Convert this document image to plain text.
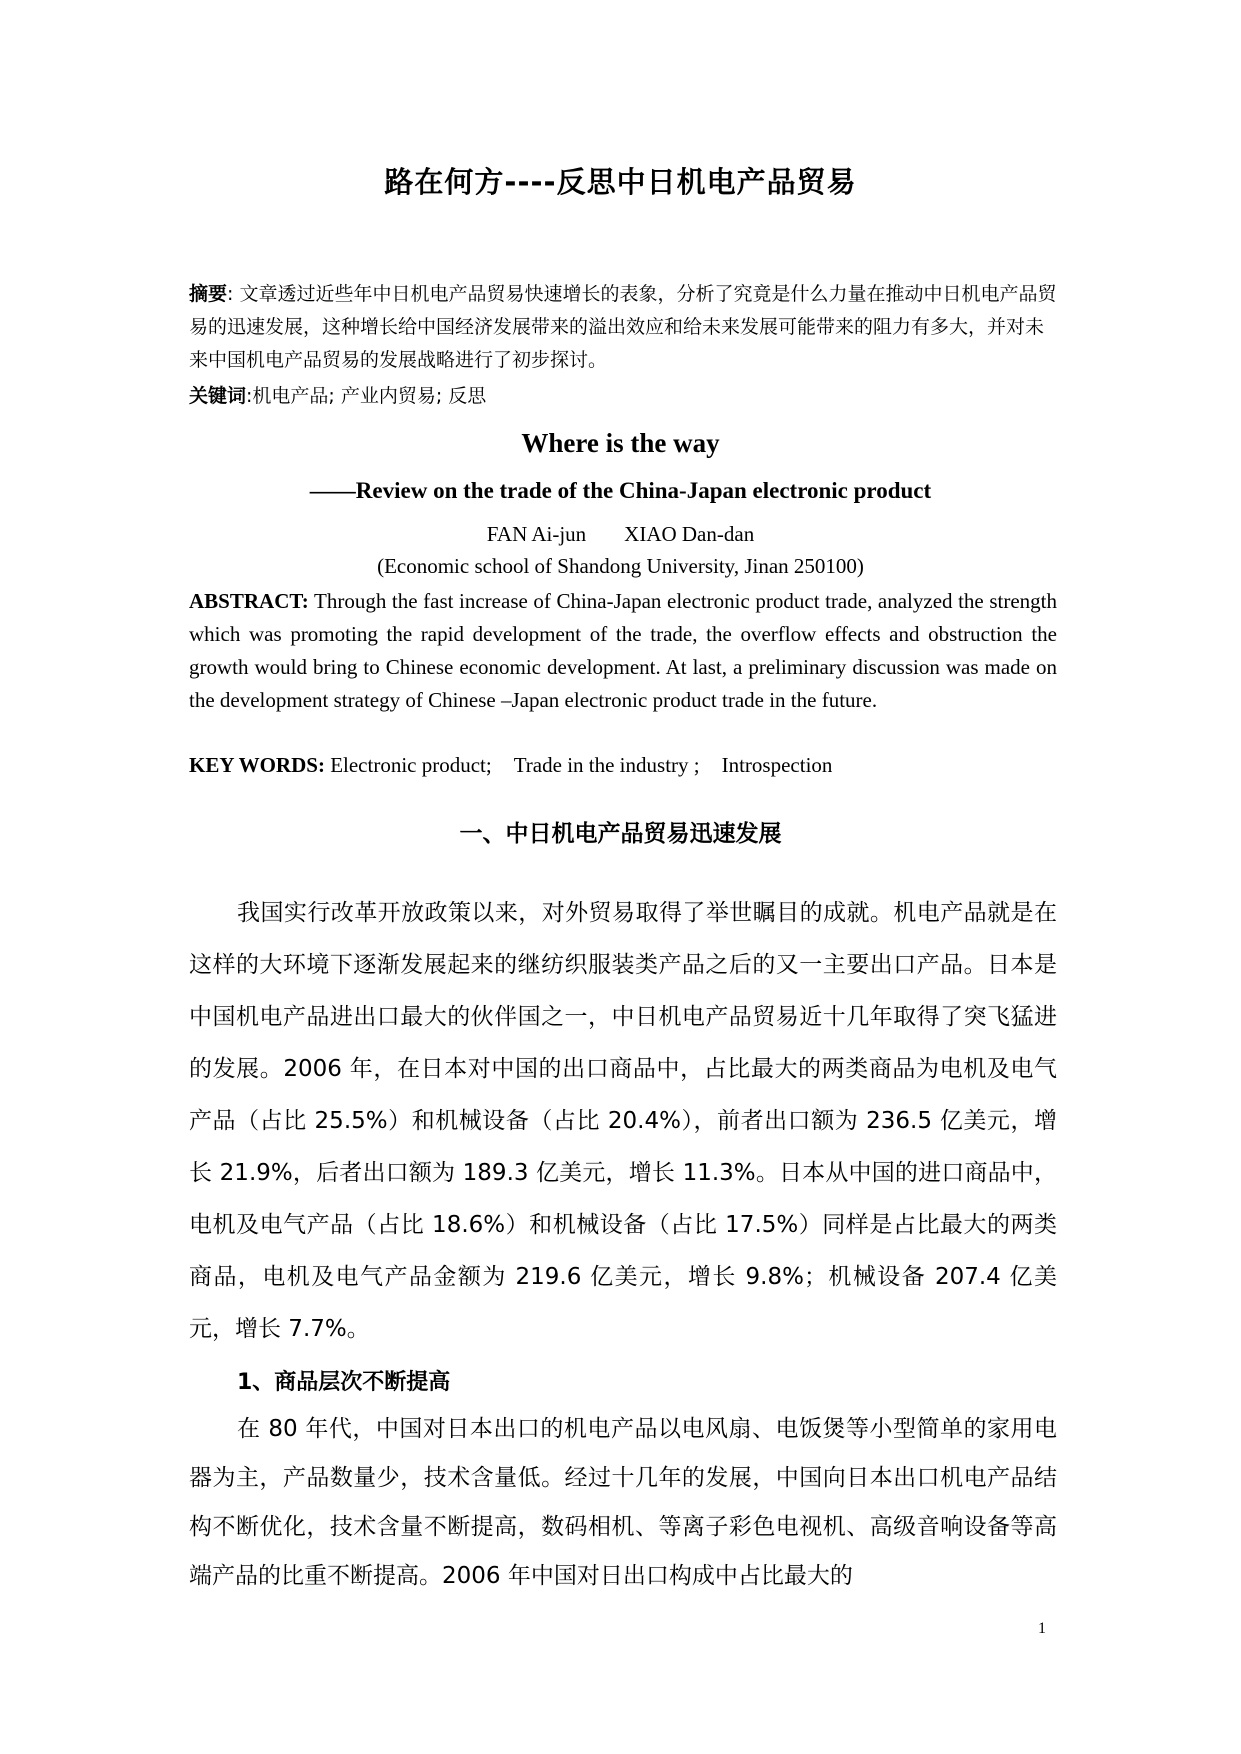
路在何方----反思中日机电产品贸易
摘要: 文章透过近些年中日机电产品贸易快速增长的表象，分析了究竟是什么力量在推动中日机电产品贸易的迅速发展，这种增长给中国经济发展带来的溢出效应和给未来发展可能带来的阻力有多大，并对未来中国机电产品贸易的发展战略进行了初步探讨。
关键词:机电产品; 产业内贸易; 反思
Where is the way
——Review on the trade of the China-Japan electronic product
FAN Ai-jun XIAO Dan-dan
(Economic school of Shandong University, Jinan 250100)
ABSTRACT: Through the fast increase of China-Japan electronic product trade, analyzed the strength which was promoting the rapid development of the trade, the overflow effects and obstruction the growth would bring to Chinese economic development. At last, a preliminary discussion was made on the development strategy of Chinese –Japan electronic product trade in the future.
KEY WORDS: Electronic product; Trade in the industry ; Introspection
一、中日机电产品贸易迅速发展
我国实行改革开放政策以来，对外贸易取得了举世瞩目的成就。机电产品就是在这样的大环境下逐渐发展起来的继纺织服装类产品之后的又一主要出口产品。日本是中国机电产品进出口最大的伙伴国之一，中日机电产品贸易近十几年取得了突飞猛进的发展。2006 年，在日本对中国的出口商品中，占比最大的两类商品为电机及电气产品（占比 25.5%）和机械设备（占比 20.4%），前者出口额为 236.5 亿美元，增长 21.9%，后者出口额为 189.3 亿美元，增长 11.3%。日本从中国的进口商品中，电机及电气产品（占比 18.6%）和机械设备（占比 17.5%）同样是占比最大的两类商品，电机及电气产品金额为 219.6 亿美元，增长 9.8%；机械设备 207.4 亿美元，增长 7.7%。
1、商品层次不断提高
在 80 年代，中国对日本出口的机电产品以电风扇、电饭煲等小型简单的家用电器为主，产品数量少，技术含量低。经过十几年的发展，中国向日本出口机电产品结构不断优化，技术含量不断提高，数码相机、等离子彩色电视机、高级音响设备等高端产品的比重不断提高。2006 年中国对日出口构成中占比最大的
1
